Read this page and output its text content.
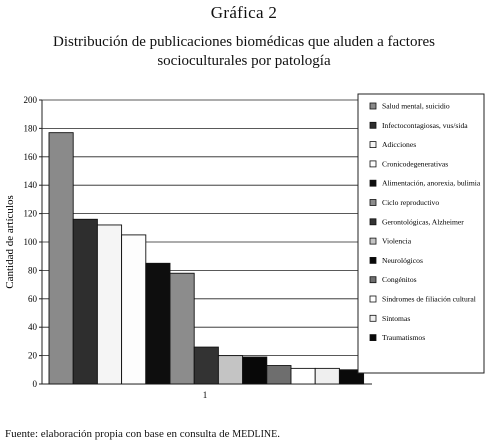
Gráfica 2
Distribución de publicaciones biomédicas que aluden a factores socioculturales por patología
0
20
40
60
80
100
120
140
160
180
200
Cantidad de artículos
1
Salud mental, suicidio
Infectocontagiosas, vus/sida
Adicciones
Cronicodegenerativas
Alimentación, anorexia, bulimia
Ciclo reproductivo
Gerontológicas, Alzheimer
Violencia
Neurológicos
Congénitos
Síndromes de filiación cultural
Síntomas
Traumatismos
Fuente: elaboración propia con base en consulta de MEDLINE.
